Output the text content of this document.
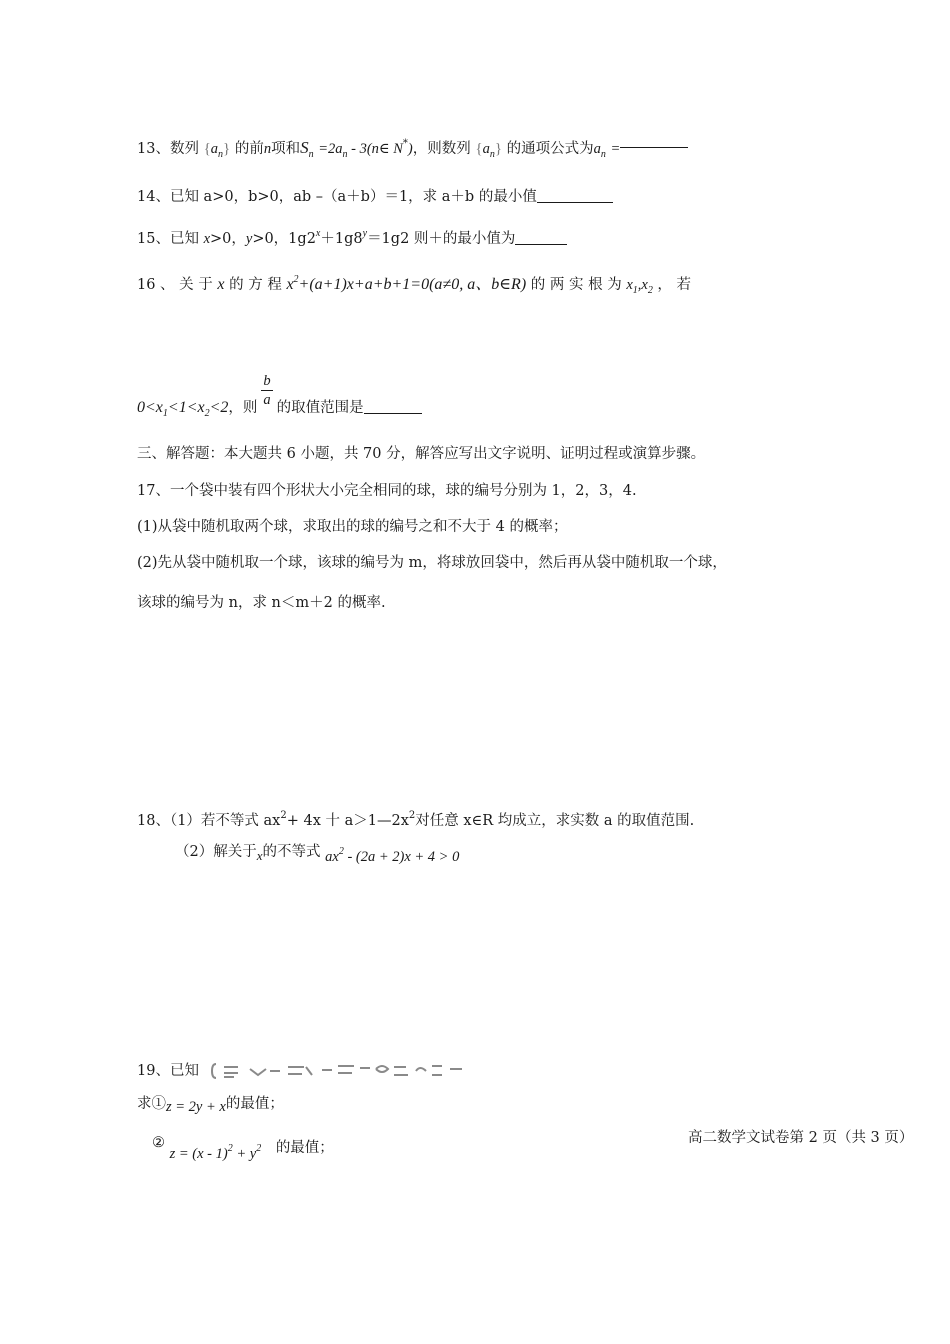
13、数列 $\{a_n\}$ 的前n项和$S_n =2a_n$ - 3(n∈ N*)，则数列 $\{a_n\}$ 的通项公式为$a_n$ =
14、已知 a>0，b>0，ab –（a＋b）＝1，求 a＋b 的最小值
15、已知 x>0，y>0，$1g2^x+1g8^y=1g2$ 则＋的最小值为
16 、 关 于 x 的 方 程 $x^2+(a+1)x+a+b+1=0(a\ne 0$, a、b∈R) 的 两 实 根 为 $x_1,x_2$ ， 若
$0<x_1<1<x_2<2$，则 $\frac{b}{a}$ 的取值范围是
三、解答题：本大题共 6 小题，共 70 分，解答应写出文字说明、证明过程或演算步骤。
17、一个袋中装有四个形状大小完全相同的球，球的编号分别为 1，2，3，4.
(1)从袋中随机取两个球，求取出的球的编号之和不大于 4 的概率；
(2)先从袋中随机取一个球，该球的编号为 m，将球放回袋中，然后再从袋中随机取一个球，
该球的编号为 n，求 n＜m＋2 的概率.
18、（1）若不等式 $ax^2+ 4x$ 十 $a>1—2x^2$对任意 x∈R 均成立，求实数 a 的取值范围.
（2）解关于x的不等式 $ax^2 - (2a + 2)x + 4 > 0$
19、已知
求①z = 2y + x的最值；
② $z = (x - 1)^2 + y^2$ 的最值；
高二数学文试卷第 2 页（共 3 页）
